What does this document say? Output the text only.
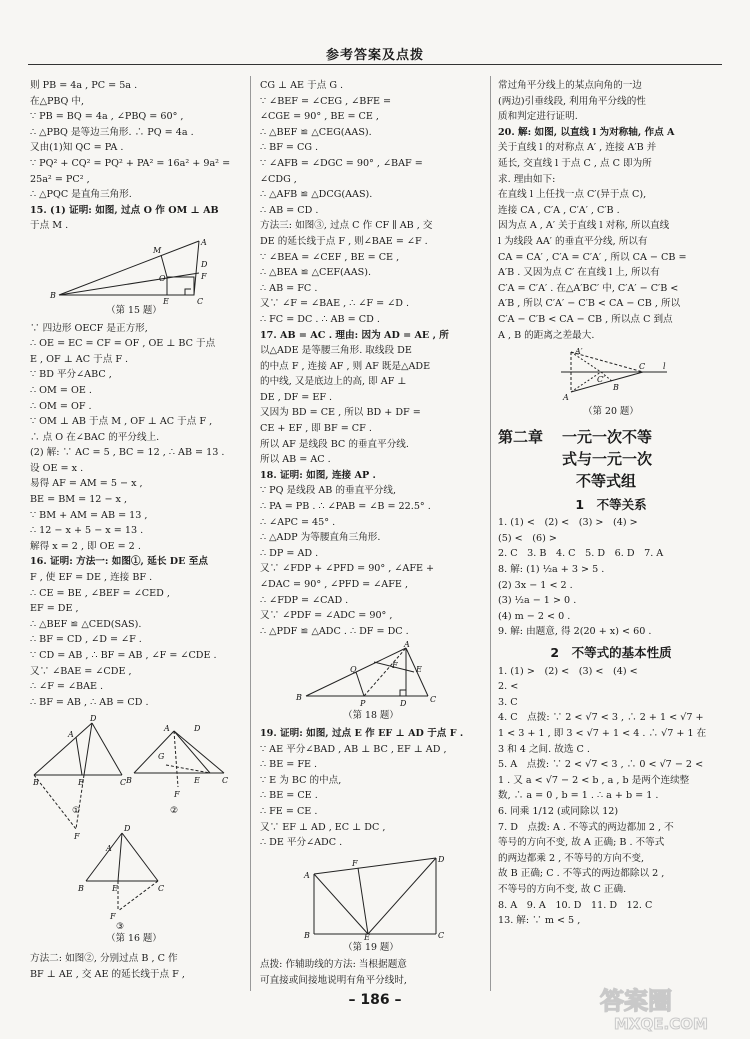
参考答案及点拨
则 PB = 4a , PC = 5a .
在△PBQ 中,
∵ PB = BQ = 4a , ∠PBQ = 60° ,
∴ △PBQ 是等边三角形. ∴ PQ = 4a .
又由(1)知 QC = PA .
∵ PQ² + CQ² = PQ² + PA² = 16a² + 9a² =
25a² = PC² ,
∴ △PQC 是直角三角形.
15. (1) 证明: 如图, 过点 O 作 OM ⊥ AB
于点 M .
B
A
M
D
F
O
E	C
（第 15 题）
∵ 四边形 OECF 是正方形,
∴ OE = EC = CF = OF , OE ⊥ BC 于点
E , OF ⊥ AC 于点 F .
∵ BD 平分∠ABC ,
∴ OM = OE .
∴ OM = OF .
∵ OM ⊥ AB 于点 M , OF ⊥ AC 于点 F ,
∴ 点 O 在∠BAC 的平分线上.
(2) 解: ∵ AC = 5 , BC = 12 , ∴ AB = 13 .
设 OE = x .
易得 AF = AM = 5 − x ,
BE = BM = 12 − x ,
∵ BM + AM = AB = 13 ,
∴ 12 − x + 5 − x = 13 .
解得 x = 2 , 即 OE = 2 .
16. 证明: 方法一: 如图①, 延长 DE 至点
F , 使 EF = DE , 连接 BF .
∴ CE = BE , ∠BEF = ∠CED ,
EF = DE ,
∴ △BEF ≌ △CED(SAS).
∴ BF = CD , ∠D = ∠F .
∵ CD = AB , ∴ BF = AB , ∠F = ∠CDE .
又∵ ∠BAE = ∠CDE ,
∴ ∠F = ∠BAE .
∴ BF = AB , ∴ AB = CD .
D
A
B	E	C
F
A	D
G
B	E	C
F
D
A
B	E	C
F
①	②
③
（第 16 题）
方法二: 如图②, 分别过点 B , C 作
BF ⊥ AE , 交 AE 的延长线于点 F ,
CG ⊥ AE 于点 G .
∵ ∠BEF = ∠CEG , ∠BFE =
∠CGE = 90° , BE = CE ,
∴ △BEF ≌ △CEG(AAS).
∴ BF = CG .
∵ ∠AFB = ∠DGC = 90° , ∠BAF =
∠CDG ,
∴ △AFB ≌ △DCG(AAS).
∴ AB = CD .
方法三: 如图③, 过点 C 作 CF ∥ AB , 交
DE 的延长线于点 F , 则∠BAE = ∠F .
∵ ∠BEA = ∠CEF , BE = CE ,
∴ △BEA ≌ △CEF(AAS).
∴ AB = FC .
又∵ ∠F = ∠BAE , ∴ ∠F = ∠D .
∴ FC = DC . ∴ AB = CD .
17. AB = AC . 理由: 因为 AD = AE , 所
以△ADE 是等腰三角形. 取线段 DE
的中点 F , 连接 AF , 则 AF 既是△ADE
的中线, 又是底边上的高, 即 AF ⊥
DE , DF = EF .
又因为 BD = CE , 所以 BD + DF =
CE + EF , 即 BF = CF .
所以 AF 是线段 BC 的垂直平分线.
所以 AB = AC .
18. 证明: 如图, 连接 AP .
∵ PQ 是线段 AB 的垂直平分线,
∴ PA = PB . ∴ ∠PAB = ∠B = 22.5° .
∴ ∠APC = 45° .
∴ △ADP 为等腰直角三角形.
∴ DP = AD .
又∵ ∠FDP + ∠PFD = 90° , ∠AFE +
∠DAC = 90° , ∠PFD = ∠AFE ,
∴ ∠FDP = ∠CAD .
又∵ ∠PDF = ∠ADC = 90° ,
∴ △PDF ≌ △ADC . ∴ DF = DC .
B
A
C
D
P
Q	F E
（第 18 题）
19. 证明: 如图, 过点 E 作 EF ⊥ AD 于点 F .
∵ AE 平分∠BAD , AB ⊥ BC , EF ⊥ AD ,
∴ BE = FE .
∵ E 为 BC 的中点,
∴ BE = CE .
∴ FE = CE .
又∵ EF ⊥ AD , EC ⊥ DC ,
∴ DE 平分∠ADC .
A
B	E	C
D
F
（第 19 题）
点拨: 作辅助线的方法: 当根据题意
可直接或间接地说明有角平分线时,
常过角平分线上的某点向角的一边
(两边)引垂线段, 利用角平分线的性
质和判定进行证明.
20. 解: 如图, 以直线 l 为对称轴, 作点 A
关于直线 l 的对称点 A′ , 连接 A′B 并
延长, 交直线 l 于点 C , 点 C 即为所
求. 理由如下:
在直线 l 上任找一点 C′(异于点 C),
连接 CA , C′A , C′A′ , C′B .
因为点 A , A′ 关于直线 l 对称, 所以直线
l 为线段 AA′ 的垂直平分线, 所以有
CA = CA′ , C′A = C′A′ , 所以 CA − CB =
A′B . 又因为点 C′ 在直线 l 上, 所以有
C′A = C′A′ . 在△A′BC′ 中, C′A′ − C′B <
A′B , 所以 C′A′ − C′B < CA − CB , 所以
C′A − C′B < CA − CB , 所以点 C 到点
A , B 的距离之差最大.
A′
A
C′
C l
B
（第 20 题）
第二章 一元一次不等
式与一元一次
不等式组
1　不等关系
1. (1) <　(2) <　(3) >　(4) >
(5) <　(6) >
2. C　3. B　4. C　5. D　6. D　7. A
8. 解: (1) ½a + 3 > 5 .
(2) 3x − 1 < 2 .
(3) ½a − 1 > 0 .
(4) m − 2 < 0 .
9. 解: 由题意, 得 2(20 + x) < 60 .
2　不等式的基本性质
1. (1) >　(2) <　(3) <　(4) <
2. <
3. C
4. C　点拨: ∵ 2 < √7 < 3 , ∴ 2 + 1 < √7 +
1 < 3 + 1 , 即 3 < √7 + 1 < 4 . ∴ √7 + 1 在
3 和 4 之间. 故选 C .
5. A　点拨: ∵ 2 < √7 < 3 , ∴ 0 < √7 − 2 <
1 . 又 a < √7 − 2 < b , a , b 是两个连续整
数, ∴ a = 0 , b = 1 . ∴ a + b = 1 .
6. 同乘 1/12 (或同除以 12)
7. D　点拨: A . 不等式的两边都加 2 , 不
等号的方向不变, 故 A 正确; B . 不等式
的两边都乘 2 , 不等号的方向不变,
故 B 正确; C . 不等式的两边都除以 2 ,
不等号的方向不变, 故 C 正确.
8. A　9. A　10. D　11. D　12. C
13. 解: ∵ m < 5 ,
– 186 –	答案圈
MXQE.COM
